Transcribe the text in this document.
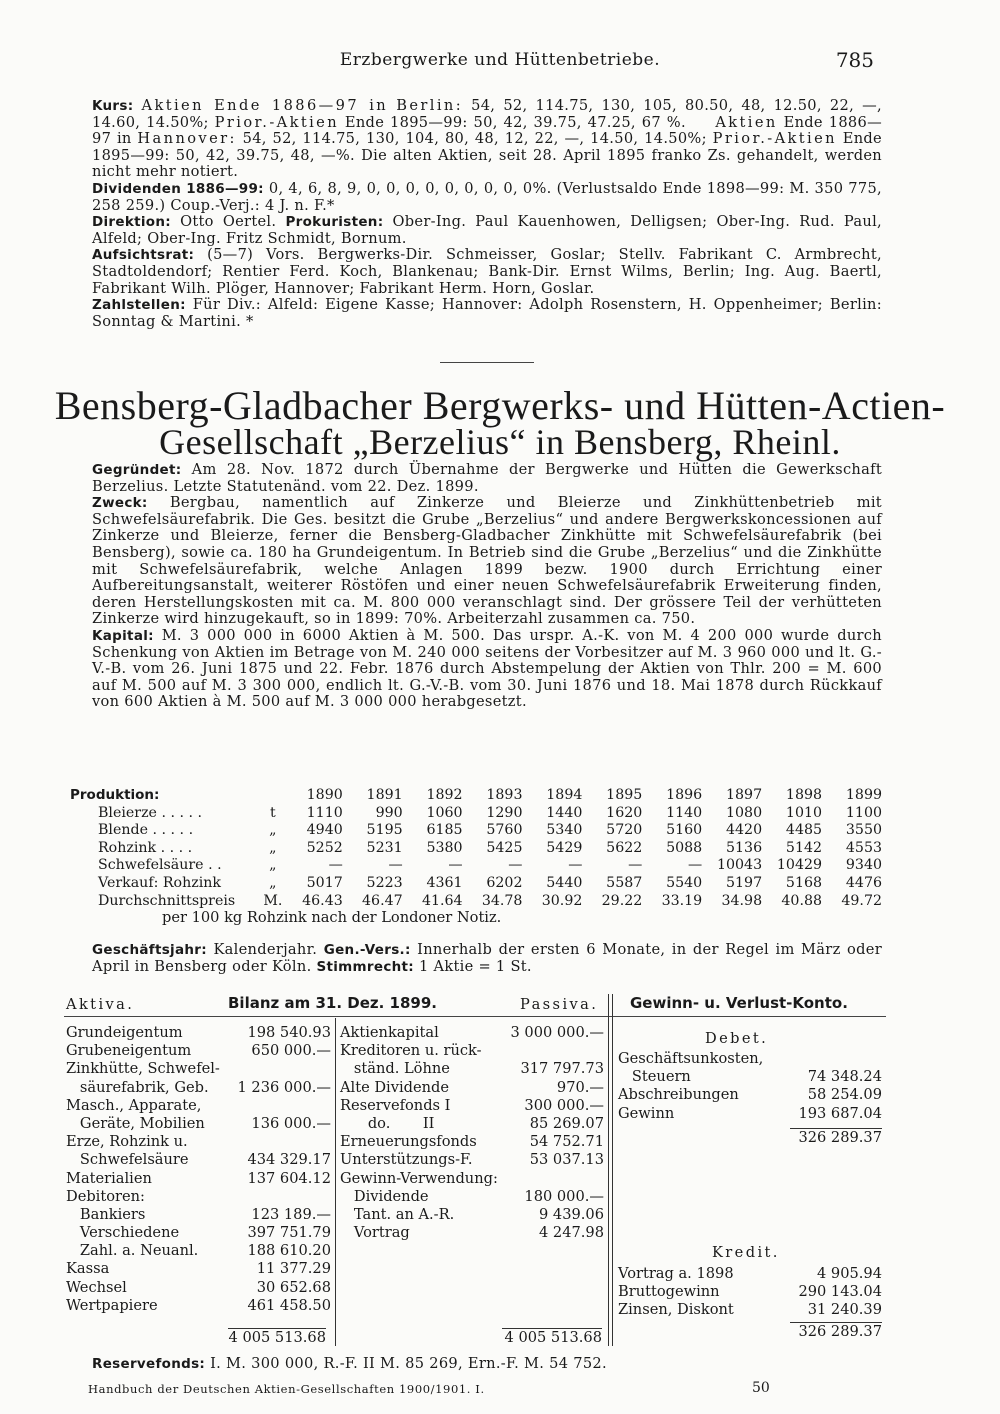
Erzbergwerke und Hüttenbetriebe.	785
Kurs: Aktien Ende 1886—97 in Berlin: 54, 52, 114.75, 130, 105, 80.50, 48, 12.50, 22, —, 14.60, 14.50%; Prior.-Aktien Ende 1895—99: 50, 42, 39.75, 47.25, 67 %. Aktien Ende 1886—97 in Hannover: 54, 52, 114.75, 130, 104, 80, 48, 12, 22, —, 14.50, 14.50%; Prior.-Aktien Ende 1895—99: 50, 42, 39.75, 48, —%. Die alten Aktien, seit 28. April 1895 franko Zs. gehandelt, werden nicht mehr notiert.
Dividenden 1886—99: 0, 4, 6, 8, 9, 0, 0, 0, 0, 0, 0, 0, 0, 0%. (Verlustsaldo Ende 1898—99: M. 350 775, 258 259.) Coup.-Verj.: 4 J. n. F.*
Direktion: Otto Oertel. Prokuristen: Ober-Ing. Paul Kauenhowen, Delligsen; Ober-Ing. Rud. Paul, Alfeld; Ober-Ing. Fritz Schmidt, Bornum.
Aufsichtsrat: (5—7) Vors. Bergwerks-Dir. Schmeisser, Goslar; Stellv. Fabrikant C. Armbrecht, Stadtoldendorf; Rentier Ferd. Koch, Blankenau; Bank-Dir. Ernst Wilms, Berlin; Ing. Aug. Baertl, Fabrikant Wilh. Plöger, Hannover; Fabrikant Herm. Horn, Goslar.
Zahlstellen: Für Div.: Alfeld: Eigene Kasse; Hannover: Adolph Rosenstern, H. Oppenheimer; Berlin: Sonntag & Martini. *
Bensberg-Gladbacher Bergwerks- und Hütten-Actien-
Gesellschaft „Berzelius“ in Bensberg, Rheinl.
Gegründet: Am 28. Nov. 1872 durch Übernahme der Bergwerke und Hütten die Gewerkschaft Berzelius. Letzte Statutenänd. vom 22. Dez. 1899.
Zweck: Bergbau, namentlich auf Zinkerze und Bleierze und Zinkhüttenbetrieb mit Schwefelsäurefabrik. Die Ges. besitzt die Grube „Berzelius“ und andere Bergwerkskoncessionen auf Zinkerze und Bleierze, ferner die Bensberg-Gladbacher Zinkhütte mit Schwefelsäurefabrik (bei Bensberg), sowie ca. 180 ha Grundeigentum. In Betrieb sind die Grube „Berzelius“ und die Zinkhütte mit Schwefelsäurefabrik, welche Anlagen 1899 bezw. 1900 durch Errichtung einer Aufbereitungsanstalt, weiterer Röstöfen und einer neuen Schwefelsäurefabrik Erweiterung finden, deren Herstellungskosten mit ca. M. 800 000 veranschlagt sind. Der grössere Teil der verhütteten Zinkerze wird hinzugekauft, so in 1899: 70%. Arbeiterzahl zusammen ca. 750.
Kapital: M. 3 000 000 in 6000 Aktien à M. 500. Das urspr. A.-K. von M. 4 200 000 wurde durch Schenkung von Aktien im Betrage von M. 240 000 seitens der Vorbesitzer auf M. 3 960 000 und lt. G.-V.-B. vom 26. Juni 1875 und 22. Febr. 1876 durch Abstempelung der Aktien von Thlr. 200 = M. 600 auf M. 500 auf M. 3 300 000, endlich lt. G.-V.-B. vom 30. Juni 1876 und 18. Mai 1878 durch Rückkauf von 600 Aktien à M. 500 auf M. 3 000 000 herabgesetzt.
Produktion:		1890	1891	1892	1893	1894	1895	1896	1897	1898	1899
Bleierze . . . . .	t	1110	990	1060	1290	1440	1620	1140	1080	1010	1100
Blende . . . . .	„	4940	5195	6185	5760	5340	5720	5160	4420	4485	3550
Rohzink . . . .	„	5252	5231	5380	5425	5429	5622	5088	5136	5142	4553
Schwefelsäure . .	„	—	—	—	—	—	—	—	10043	10429	9340
Verkauf: Rohzink	„	5017	5223	4361	6202	5440	5587	5540	5197	5168	4476
Durchschnittspreis	M.	46.43	46.47	41.64	34.78	30.92	29.22	33.19	34.98	40.88	49.72
per 100 kg Rohzink nach der Londoner Notiz.
Geschäftsjahr: Kalenderjahr. Gen.-Vers.: Innerhalb der ersten 6 Monate, in der Regel im März oder April in Bensberg oder Köln. Stimmrecht: 1 Aktie = 1 St.
Aktiva.	Bilanz am 31. Dez. 1899.	Passiva. Gewinn- u. Verlust-Konto.
Grundeigentum	198 540.93
Grubeneigentum	650 000.—
Zinkhütte, Schwefel-	
säurefabrik, Geb.	1 236 000.—
Masch., Apparate,	
Geräte, Mobilien	136 000.—
Erze, Rohzink u.	
Schwefelsäure	434 329.17
Materialien	137 604.12
Debitoren:	
Bankiers	123 189.—
Verschiedene	397 751.79
Zahl. a. Neuanl.	188 610.20
Kassa	11 377.29
Wechsel	30 652.68
Wertpapiere	461 458.50
4 005 513.68
Aktienkapital	3 000 000.—
Kreditoren u. rück-	
ständ. Löhne	317 797.73
Alte Dividende	970.—
Reservefonds I	300 000.—
do.       II	85 269.07
Erneuerungsfonds	54 752.71
Unterstützungs-F.	53 037.13
Gewinn-Verwendung:	
Dividende	180 000.—
Tant. an A.-R.	9 439.06
Vortrag	4 247.98
4 005 513.68
Debet.
Geschäftsunkosten,	
Steuern	74 348.24
Abschreibungen	58 254.09
Gewinn	193 687.04
326 289.37
Kredit.
Vortrag a. 1898	4 905.94
Bruttogewinn	290 143.04
Zinsen, Diskont	31 240.39
326 289.37
Reservefonds: I. M. 300 000, R.-F. II M. 85 269, Ern.-F. M. 54 752.
Handbuch der Deutschen Aktien-Gesellschaften 1900/1901. I.	50
